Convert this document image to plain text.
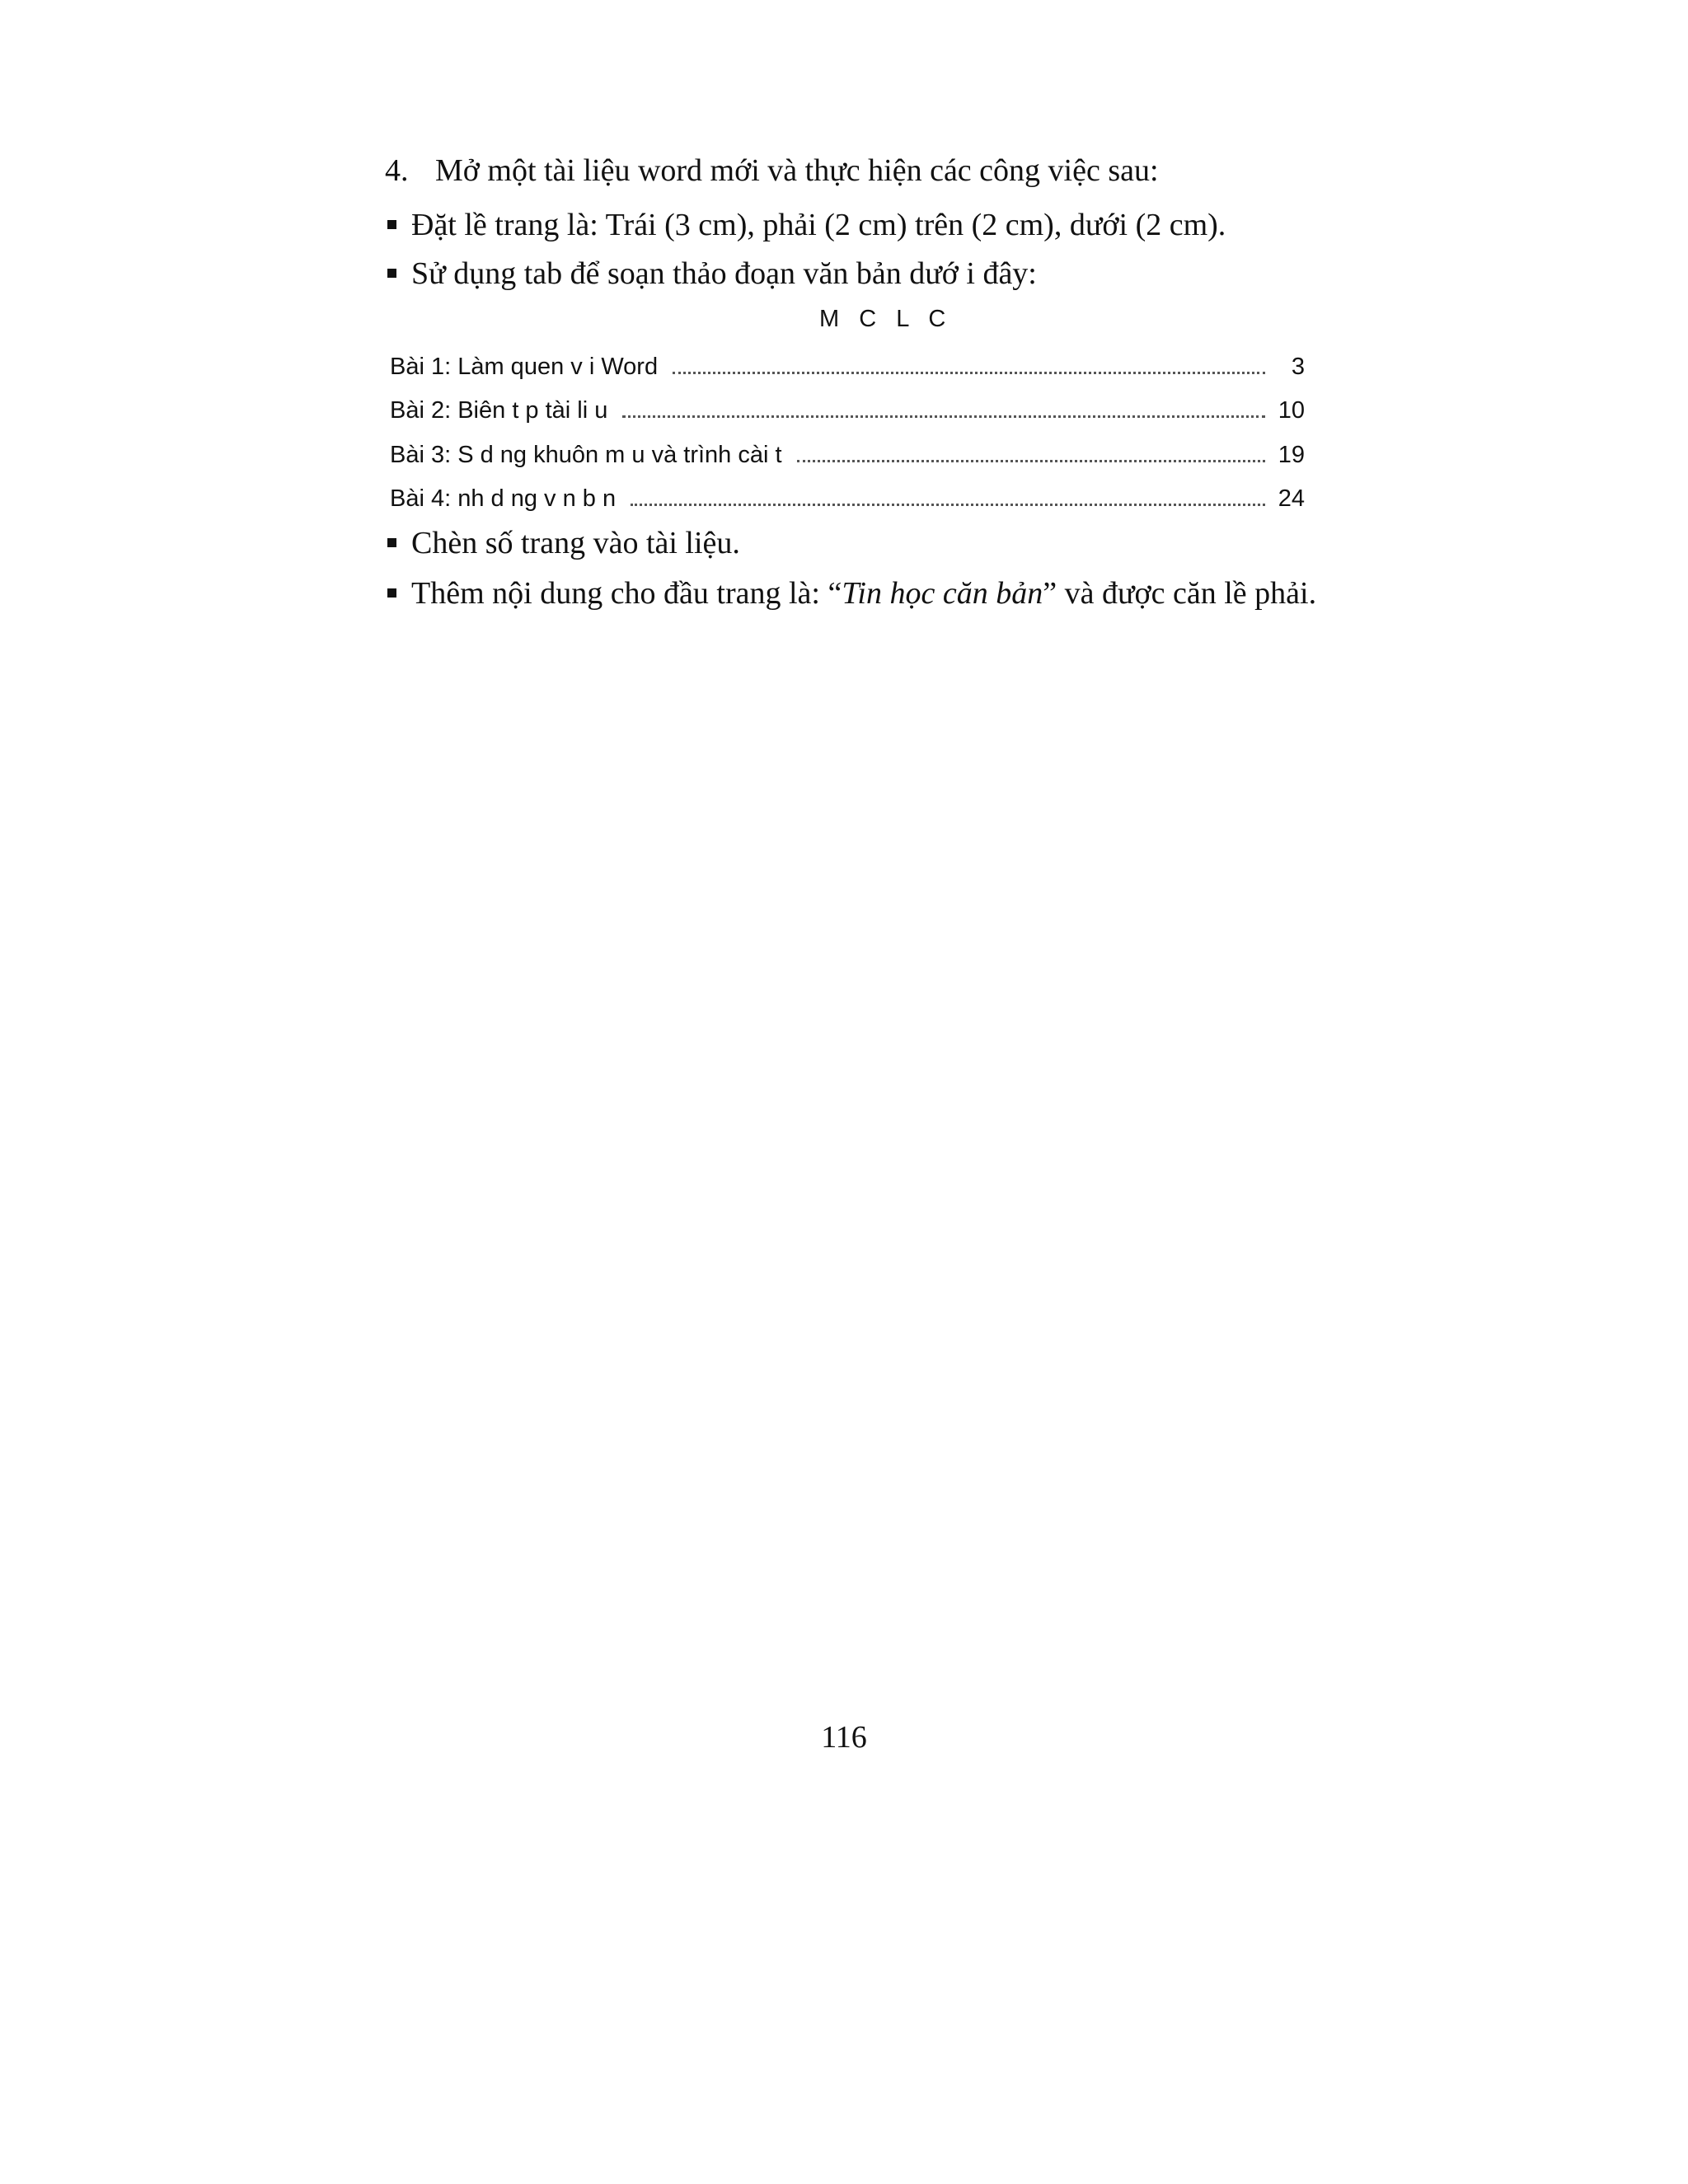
4. Mở một tài liệu word mới và thực hiện các công việc sau:
Đặt lề trang là: Trái (3 cm), phải (2 cm) trên (2 cm), dưới (2 cm).
Sử dụng tab để soạn thảo đoạn văn bản dướ i đây:
M C L C
Bài 1: Làm quen v i Word	3
Bài 2: Biên t p tài li u	10
Bài 3: S d ng khuôn m u và trình cài t	19
Bài 4: nh d ng v n b n	24
Chèn số trang vào tài liệu.
Thêm nội dung cho đầu trang là: “Tin học căn bản” và được căn lề phải.
116
